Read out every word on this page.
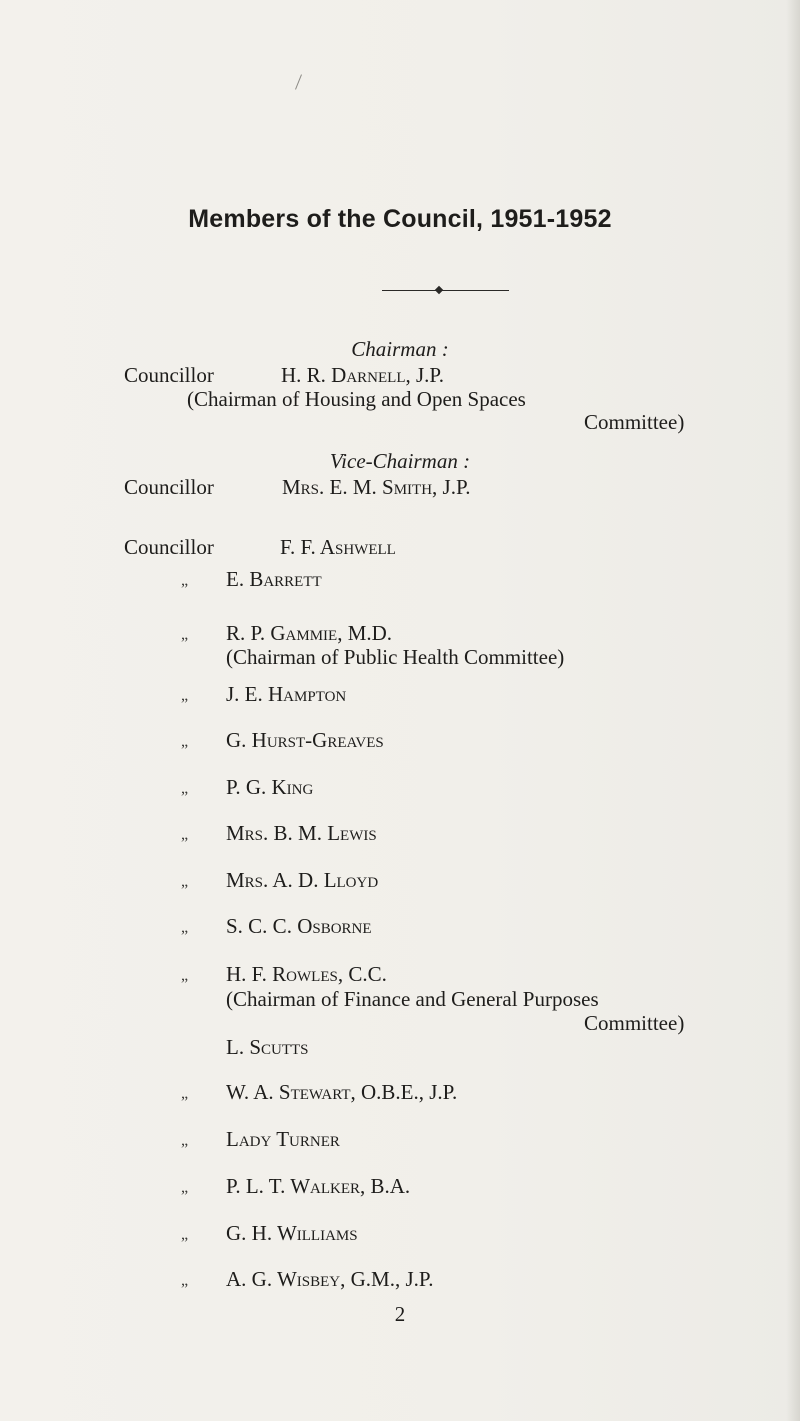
Members of the Council, 1951-1952
Chairman :
Councillor	H. R. Darnell, J.P.
(Chairman of Housing and Open Spaces
Committee)
Vice-Chairman :
Councillor	Mrs. E. M. Smith, J.P.
Councillor	F. F. Ashwell
„ E. Barrett
„ R. P. Gammie, M.D.
(Chairman of Public Health Committee)
„ J. E. Hampton
„ G. Hurst-Greaves
„ P. G. King
„ Mrs. B. M. Lewis
„ Mrs. A. D. Lloyd
„ S. C. C. Osborne
„ H. F. Rowles, C.C.
(Chairman of Finance and General Purposes
Committee)
L. Scutts
„ W. A. Stewart, O.B.E., J.P.
„ Lady Turner
„ P. L. T. Walker, B.A.
„ G. H. Williams
„ A. G. Wisbey, G.M., J.P.
2
